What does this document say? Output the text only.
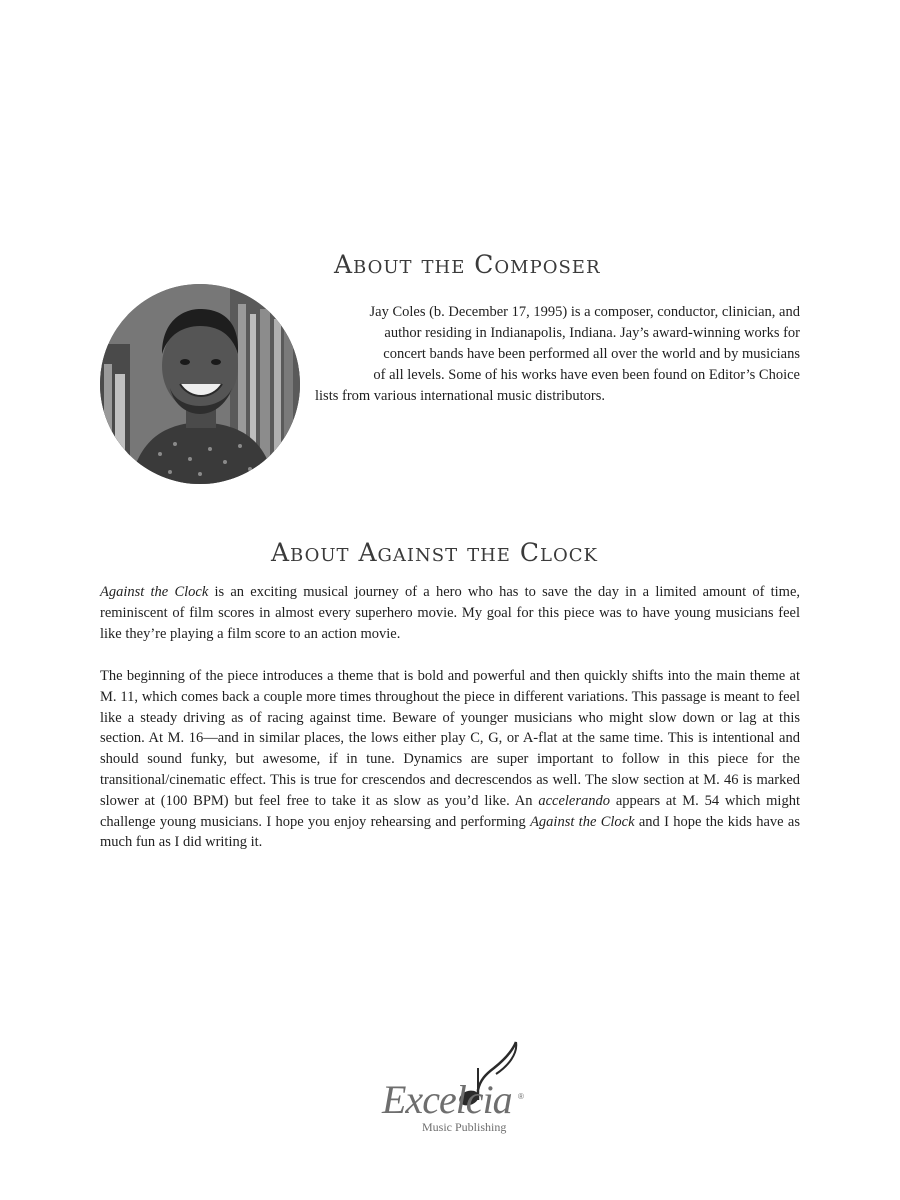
About the Composer

Jay Coles (b. December 17, 1995) is a composer, conductor, clinician, and

author residing in Indianapolis, Indiana. Jay’s award-winning works for

concert bands have been performed all over the world and by musicians

of all levels. Some of his works have even been found on Editor’s Choice

lists from various international music distributors.

About Against the Clock

Against the Clock is an exciting musical journey of a hero who has to save the day in a limited amount of time, reminiscent of film scores in almost every superhero movie. My goal for this piece was to have young musicians feel like they’re playing a film score to an action movie.

The beginning of the piece introduces a theme that is bold and powerful and then quickly shifts into the main theme at M. 11, which comes back a couple more times throughout the piece in different variations. This passage is meant to feel like a steady driving as of racing against time. Beware of younger musicians who might slow down or lag at this section. At M. 16—and in similar places, the lows either play C, G, or A-flat at the same time. This is intentional and should sound funky, but awesome, if in tune. Dynamics are super important to follow in this piece for the transitional/cinematic effect. This is true for crescendos and decrescendos as well. The slow section at M. 46 is marked slower at (100 BPM) but feel free to take it as slow as you’d like. An accelerando appears at M. 54 which might challenge young musicians. I hope you enjoy rehearsing and performing Against the Clock and I hope the kids have as much fun as I did writing it.

Excelcia ®

Music Publishing
